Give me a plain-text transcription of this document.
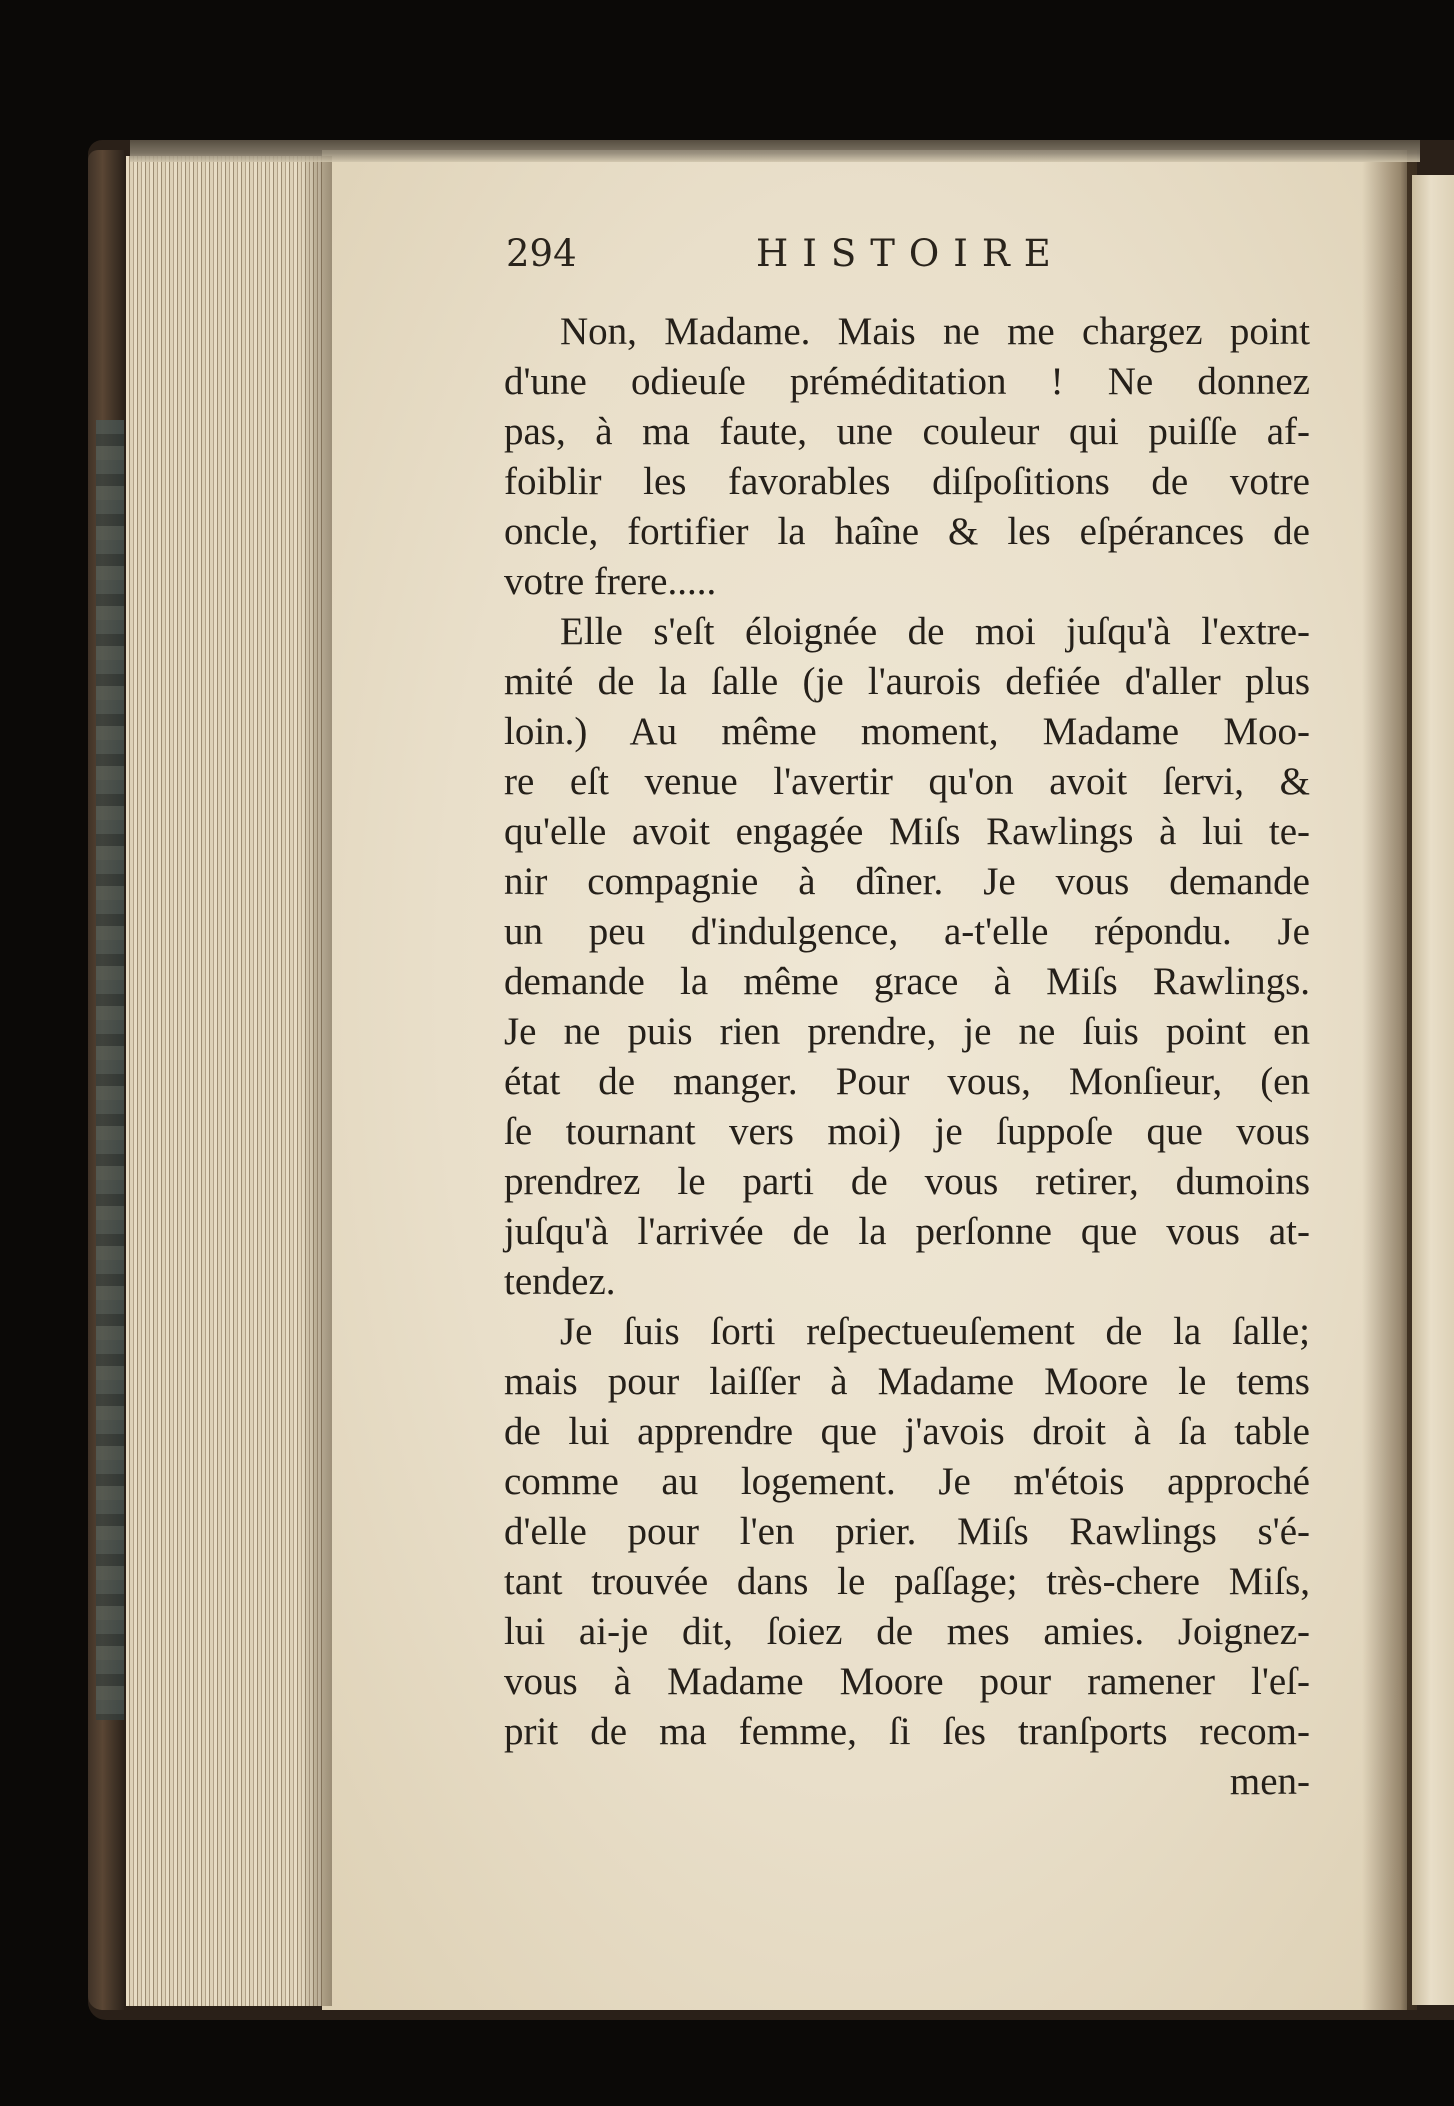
294	HISTOIRE
Non, Madame. Mais ne me chargez point
d'une odieuſe préméditation ! Ne donnez
pas, à ma faute, une couleur qui puiſſe af-
foiblir les favorables diſpoſitions de votre
oncle, fortifier la haîne & les eſpérances de
votre frere.....
Elle s'eſt éloignée de moi juſqu'à l'extre-
mité de la ſalle (je l'aurois defiée d'aller plus
loin.) Au même moment, Madame Moo-
re eſt venue l'avertir qu'on avoit ſervi, &
qu'elle avoit engagée Miſs Rawlings à lui te-
nir compagnie à dîner. Je vous demande
un peu d'indulgence, a-t'elle répondu. Je
demande la même grace à Miſs Rawlings.
Je ne puis rien prendre, je ne ſuis point en
état de manger. Pour vous, Monſieur, (en
ſe tournant vers moi) je ſuppoſe que vous
prendrez le parti de vous retirer, dumoins
juſqu'à l'arrivée de la perſonne que vous at-
tendez.
Je ſuis ſorti reſpectueuſement de la ſalle;
mais pour laiſſer à Madame Moore le tems
de lui apprendre que j'avois droit à ſa table
comme au logement. Je m'étois approché
d'elle pour l'en prier. Miſs Rawlings s'é-
tant trouvée dans le paſſage; très-chere Miſs,
lui ai-je dit, ſoiez de mes amies. Joignez-
vous à Madame Moore pour ramener l'eſ-
prit de ma femme, ſi ſes tranſports recom-
men-
